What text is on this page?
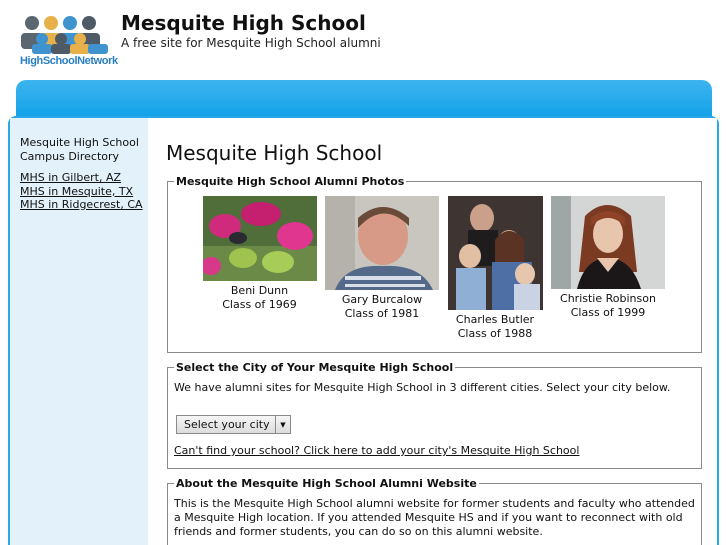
HighSchoolNetwork
Mesquite High School
A free site for Mesquite High School alumni
Mesquite High School Campus Directory
MHS in Gilbert, AZ
MHS in Mesquite, TX
MHS in Ridgecrest, CA
Mesquite High School
Mesquite High School Alumni Photos
Beni Dunn
Class of 1969	Gary Burcalow
Class of 1981	Charles Butler
Class of 1988
Christie Robinson
Class of 1999
Select the City of Your Mesquite High School
We have alumni sites for Mesquite High School in 3 different cities. Select your city below.
Select your city	▼
Can't find your school? Click here to add your city's Mesquite High School
About the Mesquite High School Alumni Website
This is the Mesquite High School alumni website for former students and faculty who attended a Mesquite High location. If you attended Mesquite HS and if you want to reconnect with old friends and former students, you can do so on this alumni website.
